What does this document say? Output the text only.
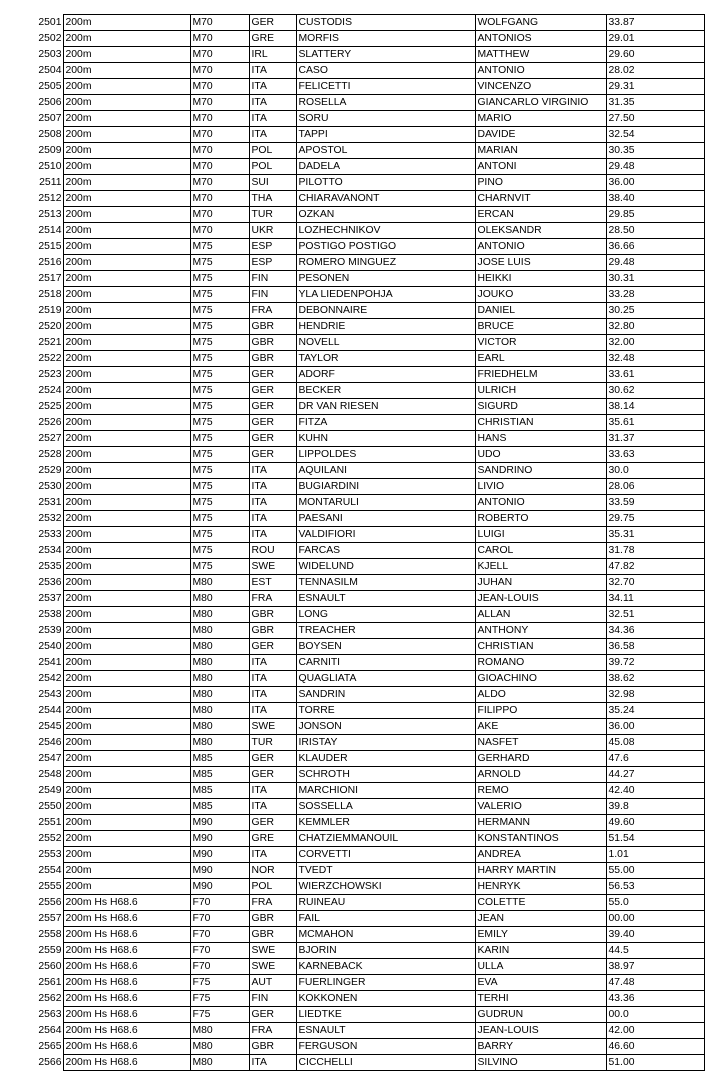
2501	200m	M70	GER	CUSTODIS	WOLFGANG	33.87
2502	200m	M70	GRE	MORFIS	ANTONIOS	29.01
2503	200m	M70	IRL	SLATTERY	MATTHEW	29.60
2504	200m	M70	ITA	CASO	ANTONIO	28.02
2505	200m	M70	ITA	FELICETTI	VINCENZO	29.31
2506	200m	M70	ITA	ROSELLA	GIANCARLO VIRGINIO	31.35
2507	200m	M70	ITA	SORU	MARIO	27.50
2508	200m	M70	ITA	TAPPI	DAVIDE	32.54
2509	200m	M70	POL	APOSTOL	MARIAN	30.35
2510	200m	M70	POL	DADELA	ANTONI	29.48
2511	200m	M70	SUI	PILOTTO	PINO	36.00
2512	200m	M70	THA	CHIARAVANONT	CHARNVIT	38.40
2513	200m	M70	TUR	OZKAN	ERCAN	29.85
2514	200m	M70	UKR	LOZHECHNIKOV	OLEKSANDR	28.50
2515	200m	M75	ESP	POSTIGO POSTIGO	ANTONIO	36.66
2516	200m	M75	ESP	ROMERO MINGUEZ	JOSE LUIS	29.48
2517	200m	M75	FIN	PESONEN	HEIKKI	30.31
2518	200m	M75	FIN	YLA LIEDENPOHJA	JOUKO	33.28
2519	200m	M75	FRA	DEBONNAIRE	DANIEL	30.25
2520	200m	M75	GBR	HENDRIE	BRUCE	32.80
2521	200m	M75	GBR	NOVELL	VICTOR	32.00
2522	200m	M75	GBR	TAYLOR	EARL	32.48
2523	200m	M75	GER	ADORF	FRIEDHELM	33.61
2524	200m	M75	GER	BECKER	ULRICH	30.62
2525	200m	M75	GER	DR VAN RIESEN	SIGURD	38.14
2526	200m	M75	GER	FITZA	CHRISTIAN	35.61
2527	200m	M75	GER	KUHN	HANS	31.37
2528	200m	M75	GER	LIPPOLDES	UDO	33.63
2529	200m	M75	ITA	AQUILANI	SANDRINO	30.0
2530	200m	M75	ITA	BUGIARDINI	LIVIO	28.06
2531	200m	M75	ITA	MONTARULI	ANTONIO	33.59
2532	200m	M75	ITA	PAESANI	ROBERTO	29.75
2533	200m	M75	ITA	VALDIFIORI	LUIGI	35.31
2534	200m	M75	ROU	FARCAS	CAROL	31.78
2535	200m	M75	SWE	WIDELUND	KJELL	47.82
2536	200m	M80	EST	TENNASILM	JUHAN	32.70
2537	200m	M80	FRA	ESNAULT	JEAN-LOUIS	34.11
2538	200m	M80	GBR	LONG	ALLAN	32.51
2539	200m	M80	GBR	TREACHER	ANTHONY	34.36
2540	200m	M80	GER	BOYSEN	CHRISTIAN	36.58
2541	200m	M80	ITA	CARNITI	ROMANO	39.72
2542	200m	M80	ITA	QUAGLIATA	GIOACHINO	38.62
2543	200m	M80	ITA	SANDRIN	ALDO	32.98
2544	200m	M80	ITA	TORRE	FILIPPO	35.24
2545	200m	M80	SWE	JONSON	AKE	36.00
2546	200m	M80	TUR	IRISTAY	NASFET	45.08
2547	200m	M85	GER	KLAUDER	GERHARD	47.6
2548	200m	M85	GER	SCHROTH	ARNOLD	44.27
2549	200m	M85	ITA	MARCHIONI	REMO	42.40
2550	200m	M85	ITA	SOSSELLA	VALERIO	39.8
2551	200m	M90	GER	KEMMLER	HERMANN	49.60
2552	200m	M90	GRE	CHATZIEMMANOUIL	KONSTANTINOS	51.54
2553	200m	M90	ITA	CORVETTI	ANDREA	1.01
2554	200m	M90	NOR	TVEDT	HARRY MARTIN	55.00
2555	200m	M90	POL	WIERZCHOWSKI	HENRYK	56.53
2556	200m Hs H68.6	F70	FRA	RUINEAU	COLETTE	55.0
2557	200m Hs H68.6	F70	GBR	FAIL	JEAN	00.00
2558	200m Hs H68.6	F70	GBR	MCMAHON	EMILY	39.40
2559	200m Hs H68.6	F70	SWE	BJORIN	KARIN	44.5
2560	200m Hs H68.6	F70	SWE	KARNEBACK	ULLA	38.97
2561	200m Hs H68.6	F75	AUT	FUERLINGER	EVA	47.48
2562	200m Hs H68.6	F75	FIN	KOKKONEN	TERHI	43.36
2563	200m Hs H68.6	F75	GER	LIEDTKE	GUDRUN	00.0
2564	200m Hs H68.6	M80	FRA	ESNAULT	JEAN-LOUIS	42.00
2565	200m Hs H68.6	M80	GBR	FERGUSON	BARRY	46.60
2566	200m Hs H68.6	M80	ITA	CICCHELLI	SILVINO	51.00
